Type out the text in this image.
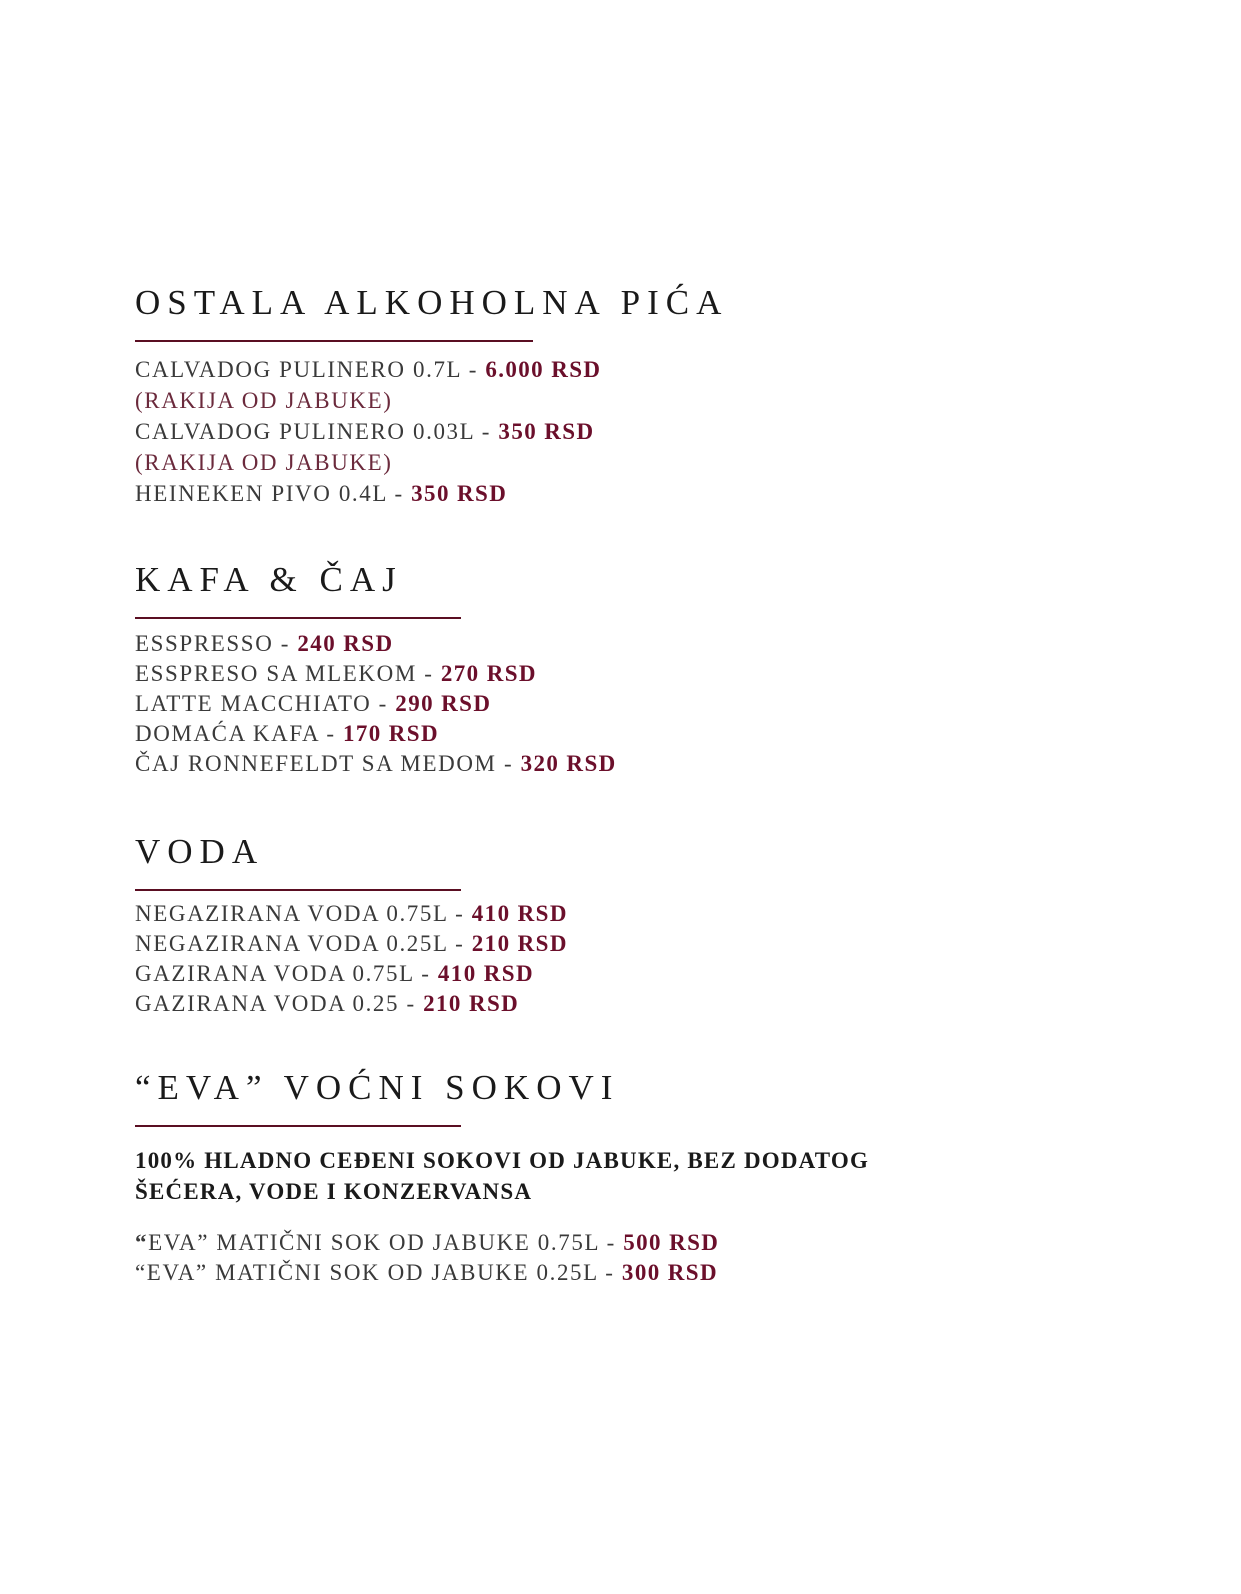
OSTALA ALKOHOLNA PIĆA
CALVADOG PULINERO 0.7L - 6.000 RSD
(RAKIJA OD JABUKE)
CALVADOG PULINERO 0.03L - 350 RSD
(RAKIJA OD JABUKE)
HEINEKEN PIVO 0.4L - 350 RSD
KAFA & ČAJ
ESSPRESSO - 240 RSD
ESSPRESO SA MLEKOM - 270 RSD
LATTE MACCHIATO - 290 RSD
DOMAĆA KAFA - 170 RSD
ČAJ RONNEFELDT SA MEDOM - 320 RSD
VODA
NEGAZIRANA VODA 0.75L - 410 RSD
NEGAZIRANA VODA 0.25L - 210 RSD
GAZIRANA VODA 0.75L - 410 RSD
GAZIRANA VODA 0.25 - 210 RSD
“EVA” VOĆNI SOKOVI
100% HLADNO CEĐENI SOKOVI OD JABUKE, BEZ DODATOG
ŠEĆERA, VODE I KONZERVANSA
“EVA” MATIČNI SOK OD JABUKE 0.75L - 500 RSD
“EVA” MATIČNI SOK OD JABUKE 0.25L - 300 RSD
